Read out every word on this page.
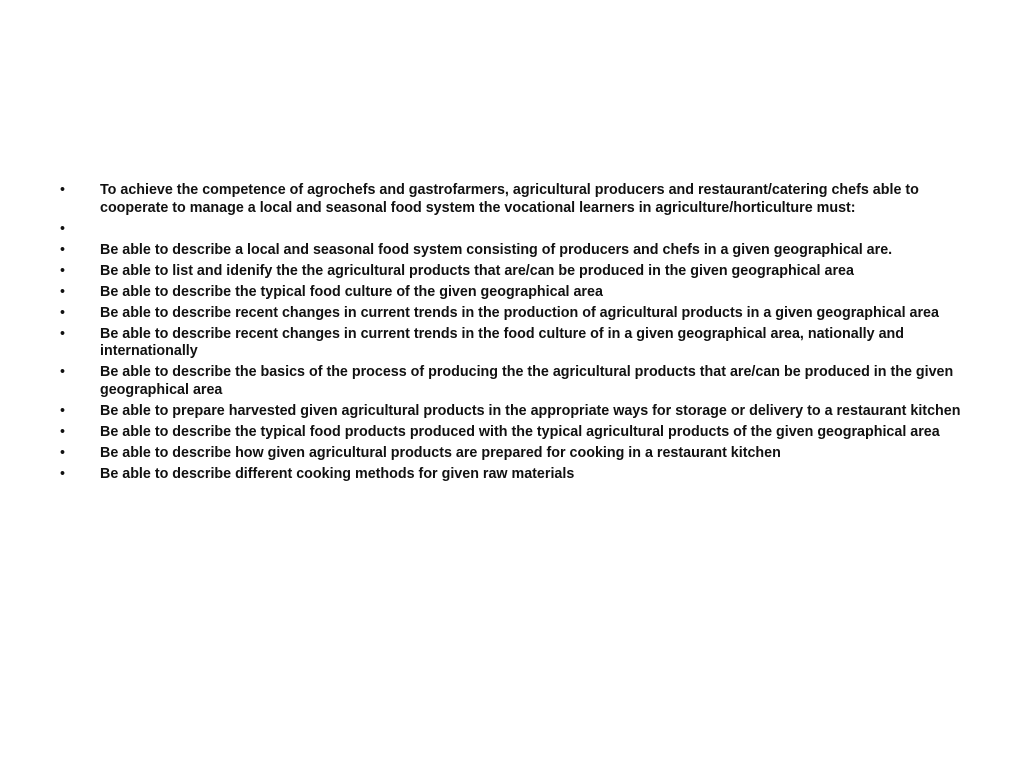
• To achieve the competence of agrochefs and gastrofarmers, agricultural producers and restaurant/catering chefs able to cooperate to manage a local and seasonal food system the vocational learners in agriculture/horticulture must:
•
• Be able to describe a local and seasonal food system consisting of producers and chefs in a given geographical are.
• Be able to list and idenify the the agricultural products that are/can be produced in the given geographical area
• Be able to describe the typical food culture of the given geographical area
• Be able to describe recent changes in current trends in the production of agricultural products in a given geographical area
• Be able to describe recent changes in current trends in the food culture of in a given geographical area, nationally and internationally
• Be able to describe the basics of the process of producing the the agricultural products that are/can be produced in the given geographical area
• Be able to prepare harvested given agricultural products in the appropriate ways for storage or delivery to a restaurant kitchen
• Be able to describe the typical food products produced with the typical agricultural products of the given geographical area
• Be able to describe how given agricultural products are prepared for cooking in a restaurant kitchen
• Be able to describe different cooking methods for given raw materials
